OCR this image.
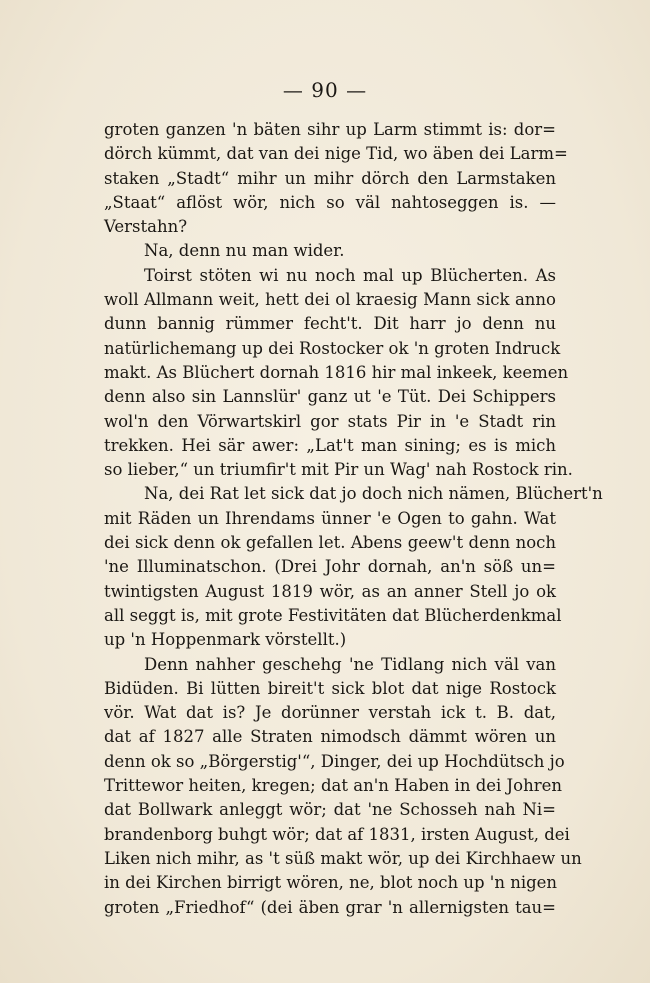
— 90 —
groten ganzen 'n bäten sihr up Larm stimmt is: dor=
dörch kümmt, dat van dei nige Tid, wo äben dei Larm=
staken „Stadt“ mihr un mihr dörch den Larmstaken
„Staat“ aflöst wör, nich so väl nahtoseggen is. —
Verstahn?
Na, denn nu man wider.
Toirst stöten wi nu noch mal up Blücherten. As
woll Allmann weit, hett dei ol kraesig Mann sick anno
dunn bannig rümmer fecht't. Dit harr jo denn nu
natürlichemang up dei Rostocker ok 'n groten Indruck
makt. As Blüchert dornah 1816 hir mal inkeek, keemen
denn also sin Lannslür' ganz ut 'e Tüt. Dei Schippers
wol'n den Vörwartskirl gor stats Pir in 'e Stadt rin
trekken. Hei sär awer: „Lat't man sining; es is mich
so lieber,“ un triumfir't mit Pir un Wag' nah Rostock rin.
Na, dei Rat let sick dat jo doch nich nämen, Blüchert'n
mit Räden un Ihrendams ünner 'e Ogen to gahn. Wat
dei sick denn ok gefallen let. Abens geew't denn noch
'ne Illuminatschon. (Drei Johr dornah, an'n söß un=
twintigsten August 1819 wör, as an anner Stell jo ok
all seggt is, mit grote Festivitäten dat Blücherdenkmal
up 'n Hoppenmark vörstellt.)
Denn nahher geschehg 'ne Tidlang nich väl van
Bidüden. Bi lütten bireit't sick blot dat nige Rostock
vör. Wat dat is? Je dorünner verstah ick t. B. dat,
dat af 1827 alle Straten nimodsch dämmt wören un
denn ok so „Börgerstig'“, Dinger, dei up Hochdütsch jo
Trittewor heiten, kregen; dat an'n Haben in dei Johren
dat Bollwark anleggt wör; dat 'ne Schosseh nah Ni=
brandenborg buhgt wör; dat af 1831, irsten August, dei
Liken nich mihr, as 't süß makt wör, up dei Kirchhaew un
in dei Kirchen birrigt wören, ne, blot noch up 'n nigen
groten „Friedhof“ (dei äben grar 'n allernigsten tau=
